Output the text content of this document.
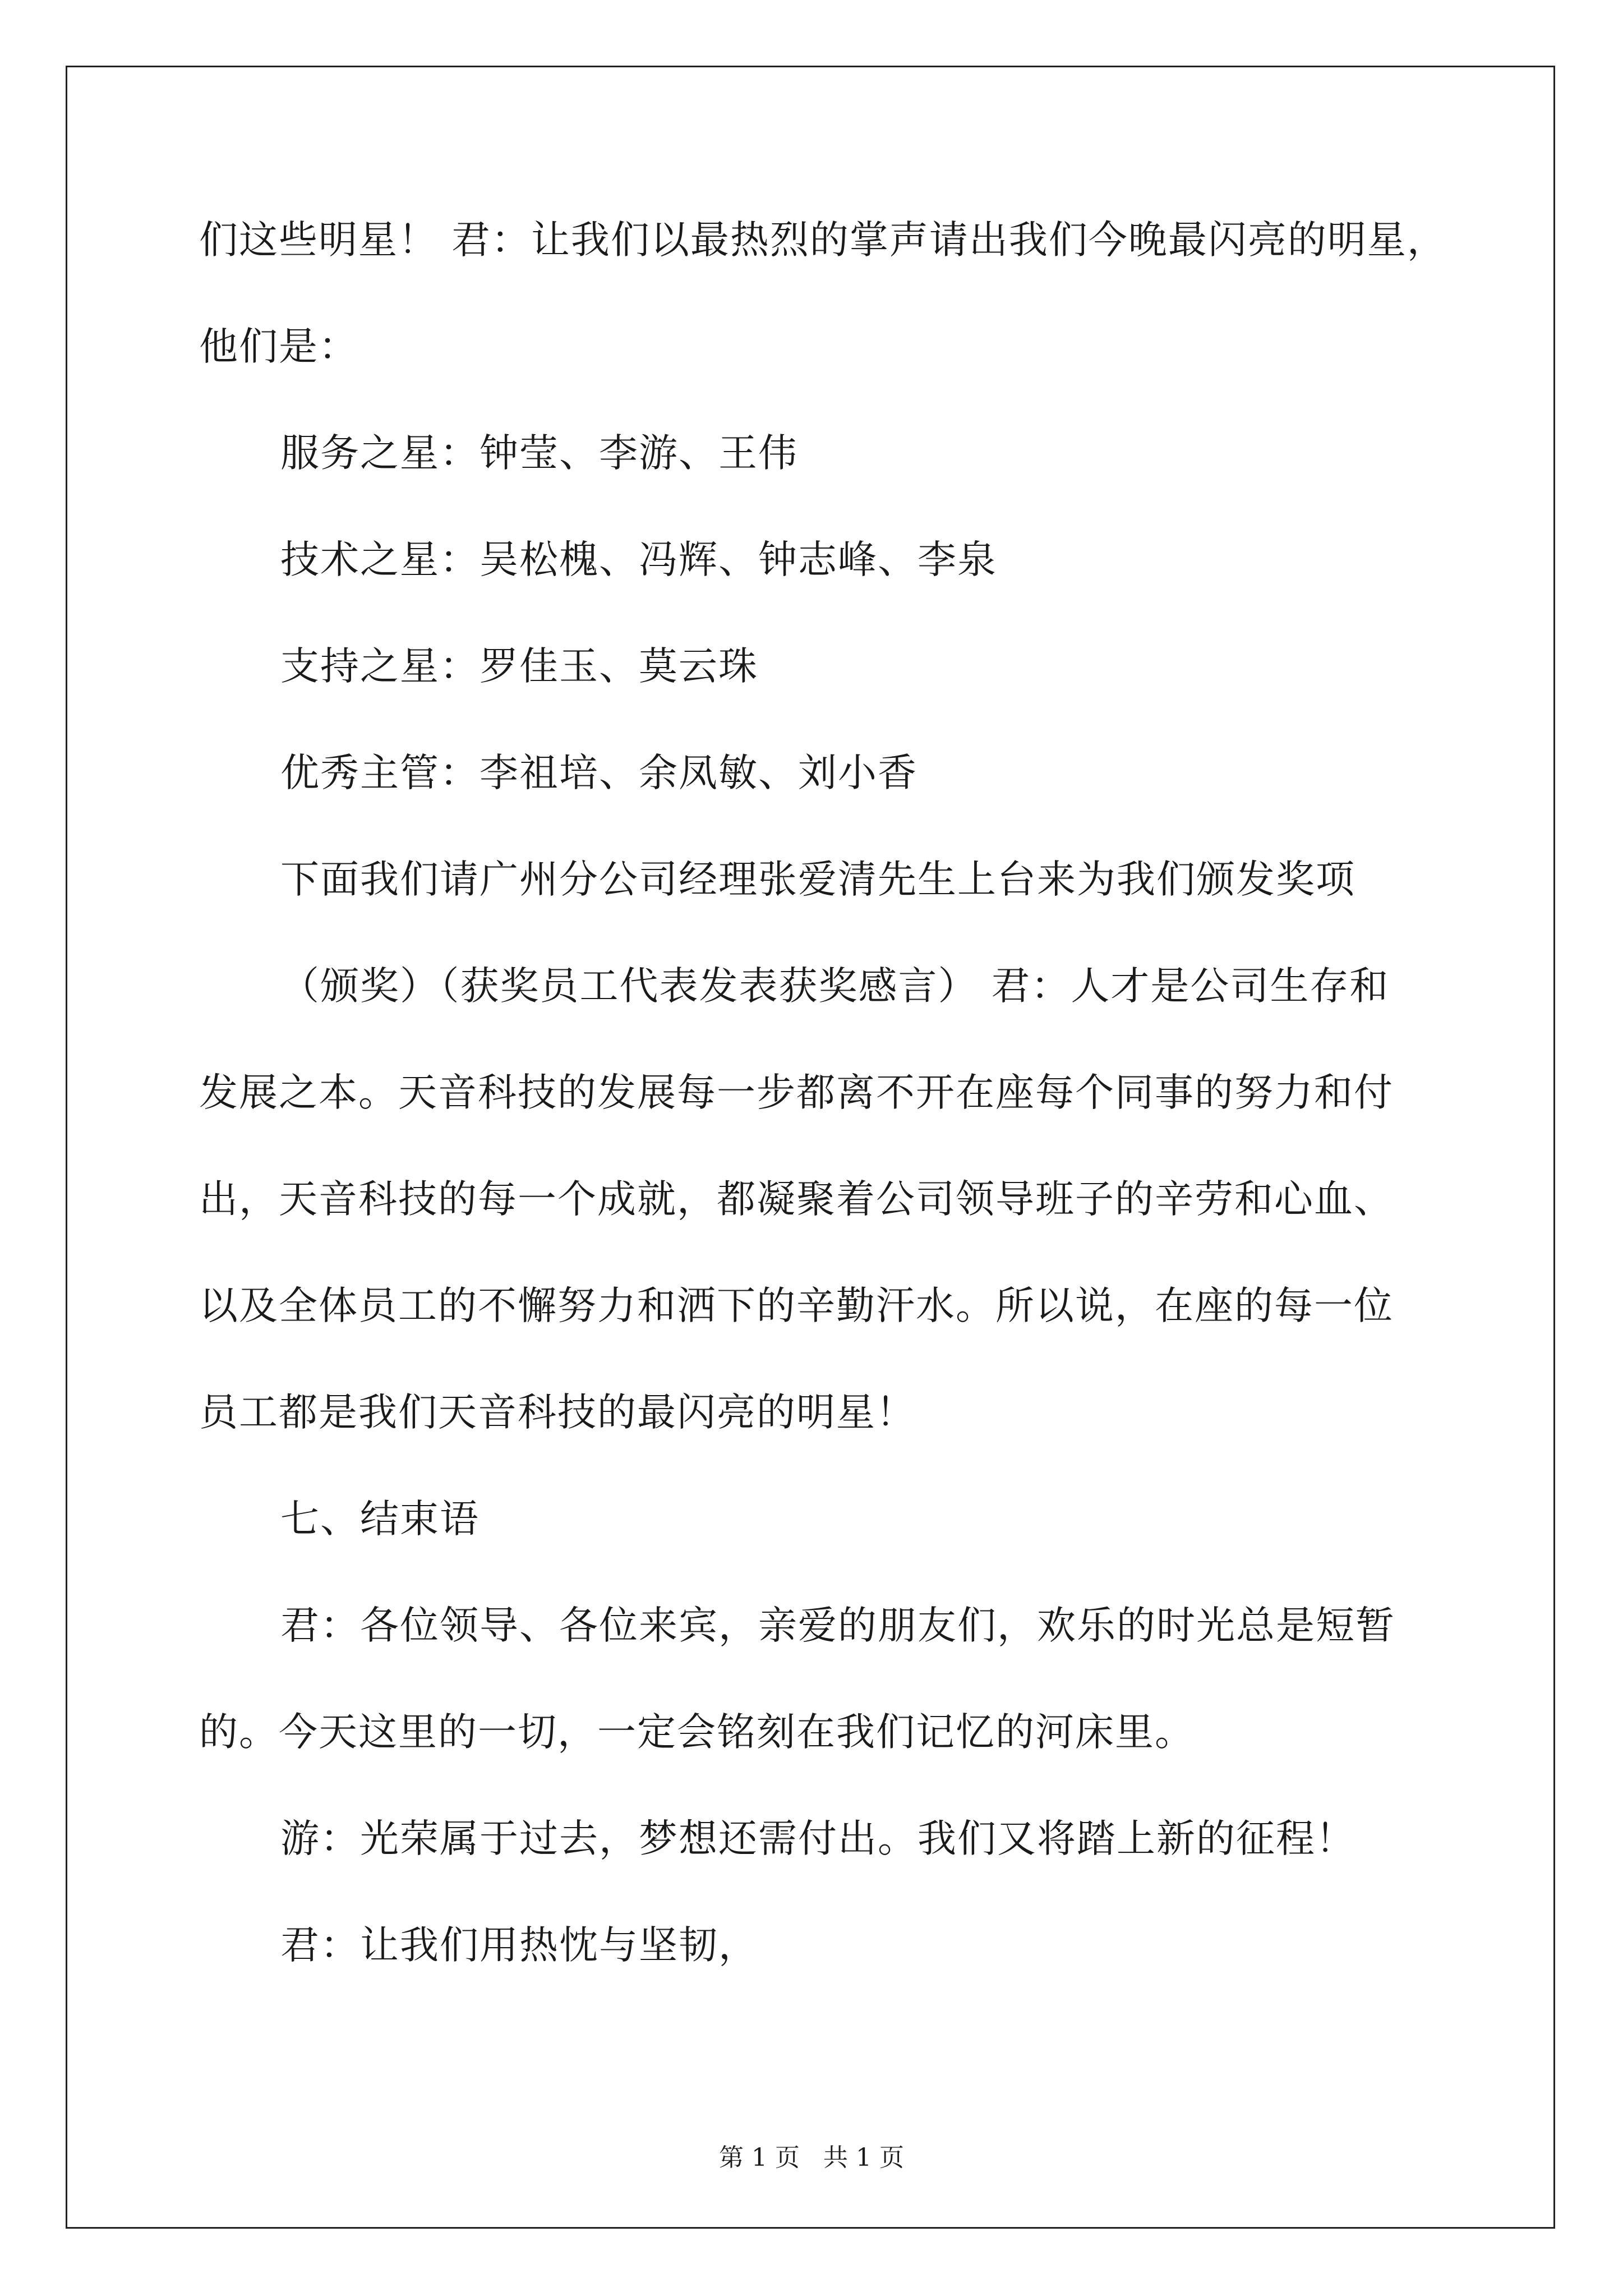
们这些明星！ 君：让我们以最热烈的掌声请出我们今晚最闪亮的明星，
他们是：
服务之星：钟莹、李游、王伟
技术之星：吴松槐、冯辉、钟志峰、李泉
支持之星：罗佳玉、莫云珠
优秀主管：李祖培、余凤敏、刘小香
下面我们请广州分公司经理张爱清先生上台来为我们颁发奖项
（颁奖）（获奖员工代表发表获奖感言） 君：人才是公司生存和
发展之本。天音科技的发展每一步都离不开在座每个同事的努力和付
出，天音科技的每一个成就，都凝聚着公司领导班子的辛劳和心血、
以及全体员工的不懈努力和洒下的辛勤汗水。所以说，在座的每一位
员工都是我们天音科技的最闪亮的明星！
七、结束语
君：各位领导、各位来宾，亲爱的朋友们，欢乐的时光总是短暂
的。今天这里的一切，一定会铭刻在我们记忆的河床里。
游：光荣属于过去，梦想还需付出。我们又将踏上新的征程！
君：让我们用热忱与坚韧，
第 1 页   共 1 页
